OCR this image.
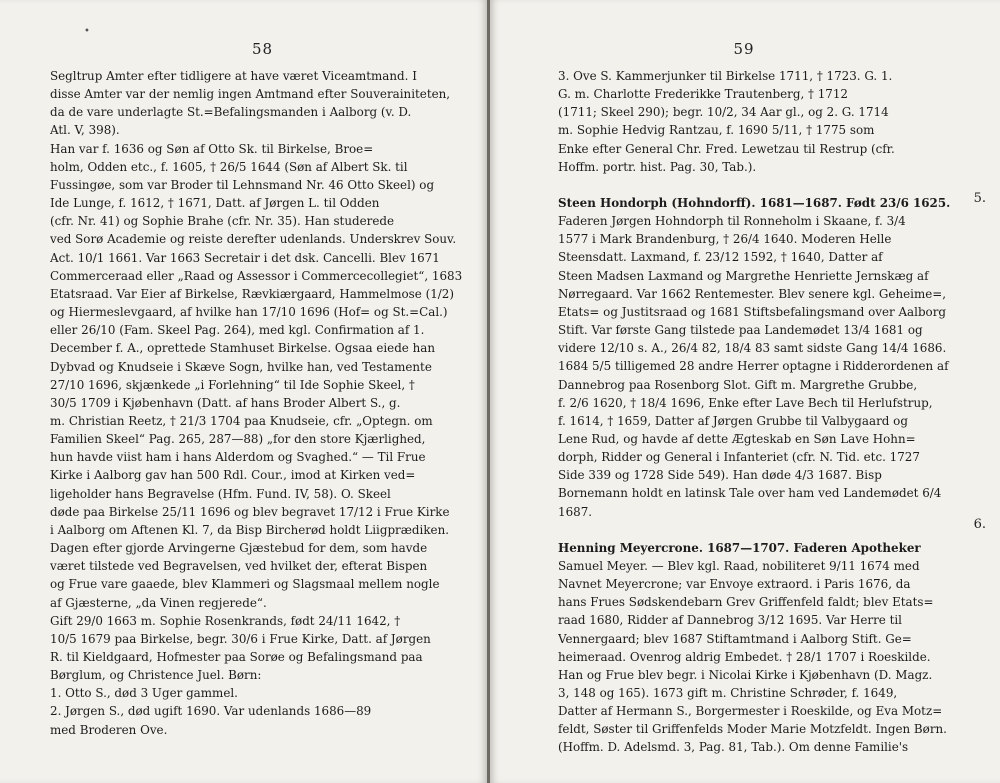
58

Segltrup Amter efter tidligere at have været Viceamtmand. I

disse Amter var der nemlig ingen Amtmand efter Souverainiteten,

da de vare underlagte St.=Befalingsmanden i Aalborg (v. D.

Atl. V, 398).

Han var f. 1636 og Søn af Otto Sk. til Birkelse, Broe=

holm, Odden etc., f. 1605, † 26/5 1644 (Søn af Albert Sk. til

Fussingøe, som var Broder til Lehnsmand Nr. 46 Otto Skeel) og

Ide Lunge, f. 1612, † 1671, Datt. af Jørgen L. til Odden

(cfr. Nr. 41) og Sophie Brahe (cfr. Nr. 35). Han studerede

ved Sorø Academie og reiste derefter udenlands. Underskrev Souv.

Act. 10/1 1661. Var 1663 Secretair i det dsk. Cancelli. Blev 1671

Commerceraad eller „Raad og Assessor i Commercecollegiet“, 1683

Etatsraad. Var Eier af Birkelse, Rævkiærgaard, Hammelmose (1/2)

og Hiermeslevgaard, af hvilke han 17/10 1696 (Hof= og St.=Cal.)

eller 26/10 (Fam. Skeel Pag. 264), med kgl. Confirmation af 1.

December f. A., oprettede Stamhuset Birkelse. Ogsaa eiede han

Dybvad og Knudseie i Skæve Sogn, hvilke han, ved Testamente

27/10 1696, skjænkede „i Forlehning“ til Ide Sophie Skeel, †

30/5 1709 i Kjøbenhavn (Datt. af hans Broder Albert S., g.

m. Christian Reetz, † 21/3 1704 paa Knudseie, cfr. „Optegn. om

Familien Skeel“ Pag. 265, 287—88) „for den store Kjærlighed,

hun havde viist ham i hans Alderdom og Svaghed.“ — Til Frue

Kirke i Aalborg gav han 500 Rdl. Cour., imod at Kirken ved=

ligeholder hans Begravelse (Hfm. Fund. IV, 58). O. Skeel

døde paa Birkelse 25/11 1696 og blev begravet 17/12 i Frue Kirke

i Aalborg om Aftenen Kl. 7, da Bisp Bircherød holdt Liigprædiken.

Dagen efter gjorde Arvingerne Gjæstebud for dem, som havde

været tilstede ved Begravelsen, ved hvilket der, efterat Bispen

og Frue vare gaaede, blev Klammeri og Slagsmaal mellem nogle

af Gjæsterne, „da Vinen regjerede“.

Gift 29/0 1663 m. Sophie Rosenkrands, født 24/11 1642, †

10/5 1679 paa Birkelse, begr. 30/6 i Frue Kirke, Datt. af Jørgen

R. til Kieldgaard, Hofmester paa Sorøe og Befalingsmand paa

Børglum, og Christence Juel. Børn:

1. Otto S., død 3 Uger gammel.

2. Jørgen S., død ugift 1690. Var udenlands 1686—89

med Broderen Ove.

•
59

3. Ove S. Kammerjunker til Birkelse 1711, † 1723. G. 1.

G. m. Charlotte Frederikke Trautenberg, † 1712

(1711; Skeel 290); begr. 10/2, 34 Aar gl., og 2. G. 1714

m. Sophie Hedvig Rantzau, f. 1690 5/11, † 1775 som

Enke efter General Chr. Fred. Lewetzau til Restrup (cfr.

Hoffm. portr. hist. Pag. 30, Tab.).

Steen Hondorph (Hohndorff). 1681—1687. Født 23/6 1625.

Faderen Jørgen Hohndorph til Ronneholm i Skaane, f. 3/4

1577 i Mark Brandenburg, † 26/4 1640. Moderen Helle

Steensdatt. Laxmand, f. 23/12 1592, † 1640, Datter af

Steen Madsen Laxmand og Margrethe Henriette Jernskæg af

Nørregaard. Var 1662 Rentemester. Blev senere kgl. Geheime=,

Etats= og Justitsraad og 1681 Stiftsbefalingsmand over Aalborg

Stift. Var første Gang tilstede paa Landemødet 13/4 1681 og

videre 12/10 s. A., 26/4 82, 18/4 83 samt sidste Gang 14/4 1686.

1684 5/5 tilligemed 28 andre Herrer optagne i Ridderordenen af

Dannebrog paa Rosenborg Slot. Gift m. Margrethe Grubbe,

f. 2/6 1620, † 18/4 1696, Enke efter Lave Bech til Herlufstrup,

f. 1614, † 1659, Datter af Jørgen Grubbe til Valbygaard og

Lene Rud, og havde af dette Ægteskab en Søn Lave Hohn=

dorph, Ridder og General i Infanteriet (cfr. N. Tid. etc. 1727

Side 339 og 1728 Side 549). Han døde 4/3 1687. Bisp

Bornemann holdt en latinsk Tale over ham ved Landemødet 6/4

1687.

Henning Meyercrone. 1687—1707. Faderen Apotheker

Samuel Meyer. — Blev kgl. Raad, nobiliteret 9/11 1674 med

Navnet Meyercrone; var Envoye extraord. i Paris 1676, da

hans Frues Sødskendebarn Grev Griffenfeld faldt; blev Etats=

raad 1680, Ridder af Dannebrog 3/12 1695. Var Herre til

Vennergaard; blev 1687 Stiftamtmand i Aalborg Stift. Ge=

heimeraad. Ovenrog aldrig Embedet. † 28/1 1707 i Roeskilde.

Han og Frue blev begr. i Nicolai Kirke i Kjøbenhavn (D. Magz.

3, 148 og 165). 1673 gift m. Christine Schrøder, f. 1649,

Datter af Hermann S., Borgermester i Roeskilde, og Eva Motz=

feldt, Søster til Griffenfelds Moder Marie Motzfeldt. Ingen Børn.

(Hoffm. D. Adelsmd. 3, Pag. 81, Tab.). Om denne Familie's

5.
6.
